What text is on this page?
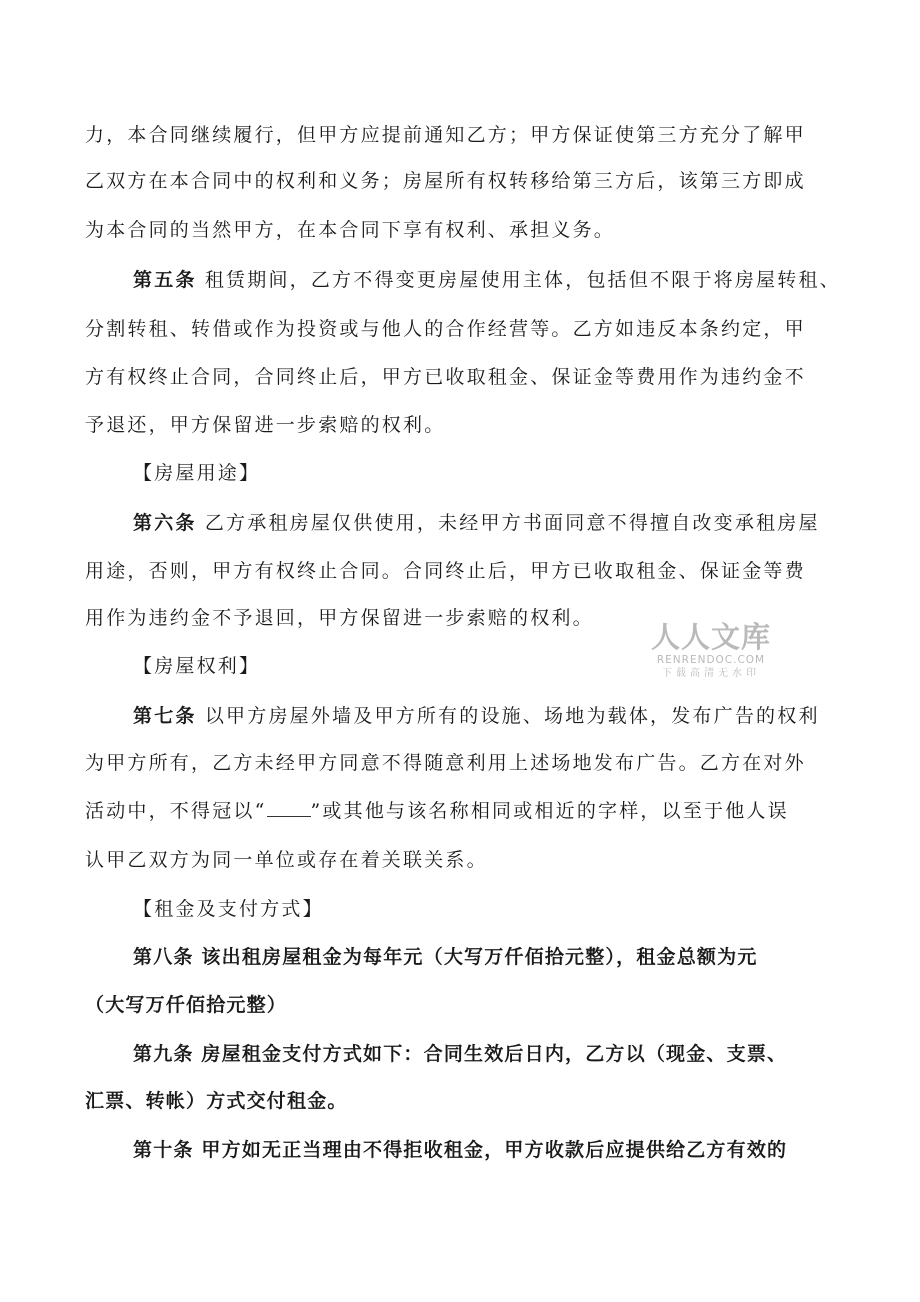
力，本合同继续履行，但甲方应提前通知乙方；甲方保证使第三方充分了解甲
乙双方在本合同中的权利和义务；房屋所有权转移给第三方后，该第三方即成
为本合同的当然甲方，在本合同下享有权利、承担义务。
第五条 租赁期间，乙方不得变更房屋使用主体，包括但不限于将房屋转租、
分割转租、转借或作为投资或与他人的合作经营等。乙方如违反本条约定，甲
方有权终止合同，合同终止后，甲方已收取租金、保证金等费用作为违约金不
予退还，甲方保留进一步索赔的权利。
【房屋用途】
第六条 乙方承租房屋仅供使用，未经甲方书面同意不得擅自改变承租房屋
用途，否则，甲方有权终止合同。合同终止后，甲方已收取租金、保证金等费
用作为违约金不予退回，甲方保留进一步索赔的权利。
【房屋权利】
第七条 以甲方房屋外墙及甲方所有的设施、场地为载体，发布广告的权利
为甲方所有，乙方未经甲方同意不得随意利用上述场地发布广告。乙方在对外
活动中，不得冠以“ ”或其他与该名称相同或相近的字样，以至于他人误
认甲乙双方为同一单位或存在着关联关系。
【租金及支付方式】
第八条 该出租房屋租金为每年元（大写万仟佰拾元整），租金总额为元
（大写万仟佰拾元整）
第九条 房屋租金支付方式如下：合同生效后日内，乙方以（现金、支票、
汇票、转帐）方式交付租金。
第十条 甲方如无正当理由不得拒收租金，甲方收款后应提供给乙方有效的
人人文库
RENRENDOC.COM
下载高清无水印
